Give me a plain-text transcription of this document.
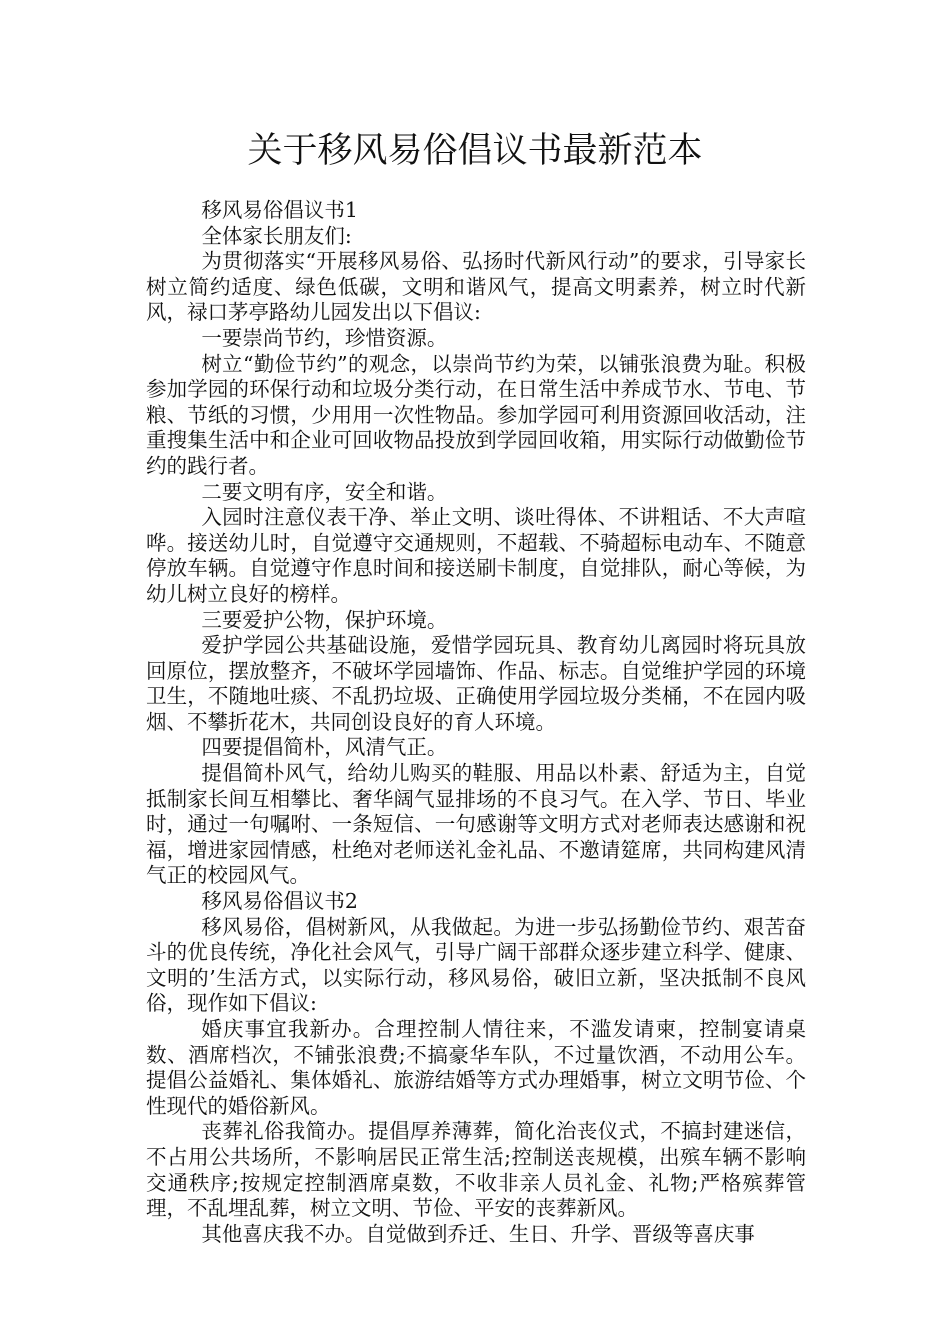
关于移风易俗倡议书最新范本

移风易俗倡议书1

全体家长朋友们:

为贯彻落实“开展移风易俗、弘扬时代新风行动”的要求，引导家长树立简约适度、绿色低碳，文明和谐风气，提高文明素养，树立时代新风，禄口茅亭路幼儿园发出以下倡议:

一要崇尚节约，珍惜资源。

树立“勤俭节约”的观念，以崇尚节约为荣，以铺张浪费为耻。积极参加学园的环保行动和垃圾分类行动，在日常生活中养成节水、节电、节粮、节纸的习惯，少用用一次性物品。参加学园可利用资源回收活动，注重搜集生活中和企业可回收物品投放到学园回收箱，用实际行动做勤俭节约的践行者。

二要文明有序，安全和谐。

入园时注意仪表干净、举止文明、谈吐得体、不讲粗话、不大声喧哗。接送幼儿时，自觉遵守交通规则，不超载、不骑超标电动车、不随意停放车辆。自觉遵守作息时间和接送刷卡制度，自觉排队，耐心等候，为幼儿树立良好的榜样。

三要爱护公物，保护环境。

爱护学园公共基础设施，爱惜学园玩具、教育幼儿离园时将玩具放回原位，摆放整齐，不破坏学园墙饰、作品、标志。自觉维护学园的环境卫生，不随地吐痰、不乱扔垃圾、正确使用学园垃圾分类桶，不在园内吸烟、不攀折花木，共同创设良好的育人环境。

四要提倡简朴，风清气正。

提倡简朴风气，给幼儿购买的鞋服、用品以朴素、舒适为主，自觉抵制家长间互相攀比、奢华阔气显排场的不良习气。在入学、节日、毕业时，通过一句嘱咐、一条短信、一句感谢等文明方式对老师表达感谢和祝福，增进家园情感，杜绝对老师送礼金礼品、不邀请筵席，共同构建风清气正的校园风气。

移风易俗倡议书2

移风易俗，倡树新风，从我做起。为进一步弘扬勤俭节约、艰苦奋斗的优良传统，净化社会风气，引导广阔干部群众逐步建立科学、健康、文明的’生活方式，以实际行动，移风易俗，破旧立新，坚决抵制不良风俗，现作如下倡议:

婚庆事宜我新办。合理控制人情往来，不滥发请柬，控制宴请桌数、酒席档次，不铺张浪费;不搞豪华车队，不过量饮酒，不动用公车。提倡公益婚礼、集体婚礼、旅游结婚等方式办理婚事，树立文明节俭、个性现代的婚俗新风。

丧葬礼俗我简办。提倡厚养薄葬，简化治丧仪式，不搞封建迷信，不占用公共场所，不影响居民正常生活;控制送丧规模，出殡车辆不影响交通秩序;按规定控制酒席桌数，不收非亲人员礼金、礼物;严格殡葬管理，不乱埋乱葬，树立文明、节俭、平安的丧葬新风。

其他喜庆我不办。自觉做到乔迁、生日、升学、晋级等喜庆事
